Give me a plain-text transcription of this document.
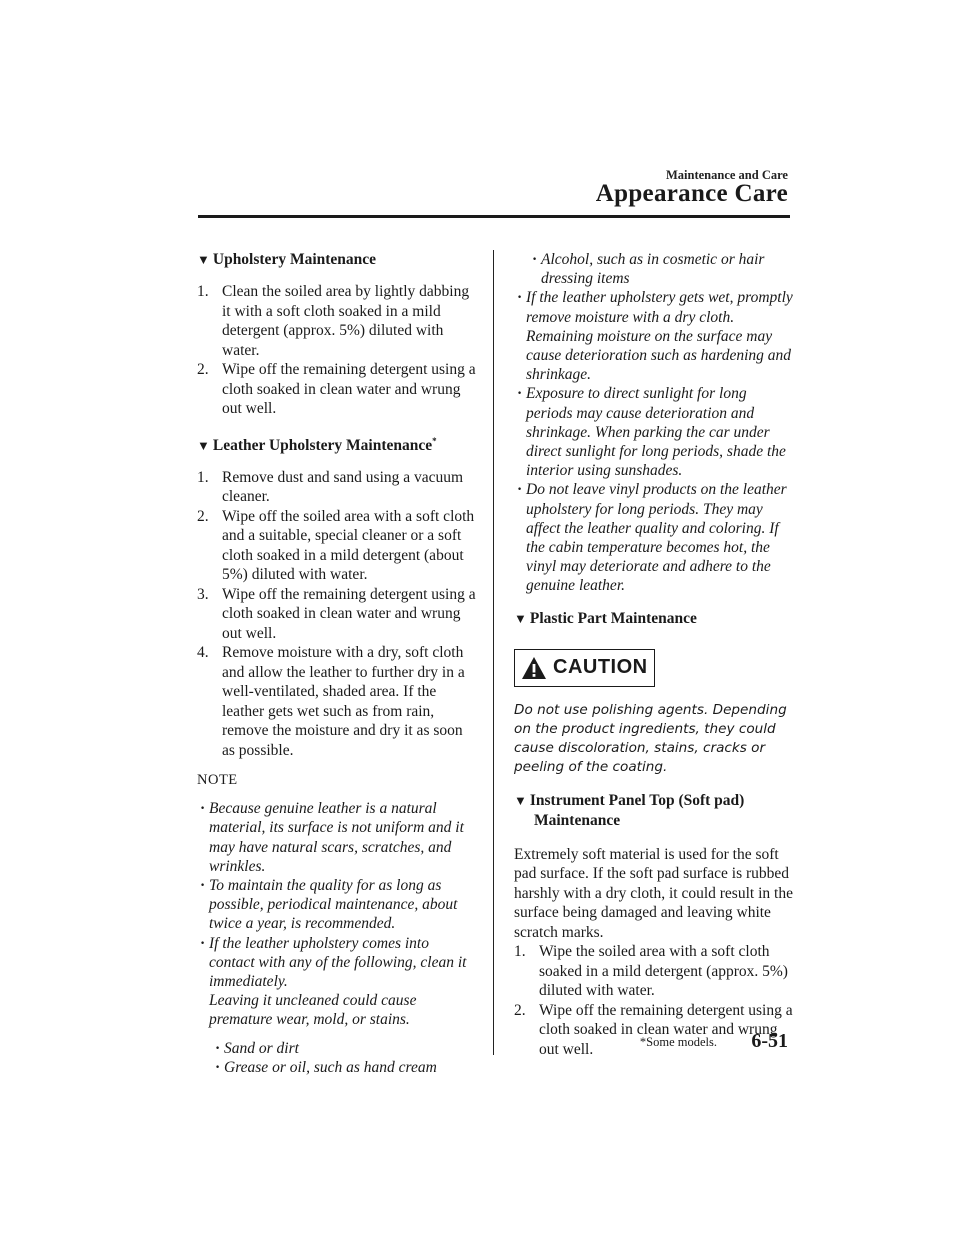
Maintenance and Care
Appearance Care

▼ Upholstery Maintenance

1. Clean the soiled area by lightly dabbing it with a soft cloth soaked in a mild detergent (approx. 5%) diluted with water.
2. Wipe off the remaining detergent using a cloth soaked in clean water and wrung out well.

▼ Leather Upholstery Maintenance*

1. Remove dust and sand using a vacuum cleaner.
2. Wipe off the soiled area with a soft cloth and a suitable, special cleaner or a soft cloth soaked in a mild detergent (about 5%) diluted with water.
3. Wipe off the remaining detergent using a cloth soaked in clean water and wrung out well.
4. Remove moisture with a dry, soft cloth and allow the leather to further dry in a well-ventilated, shaded area. If the leather gets wet such as from rain, remove the moisture and dry it as soon as possible.

NOTE

· Because genuine leather is a natural material, its surface is not uniform and it may have natural scars, scratches, and wrinkles.
· To maintain the quality for as long as possible, periodical maintenance, about twice a year, is recommended.
· If the leather upholstery comes into contact with any of the following, clean it immediately.
Leaving it uncleaned could cause premature wear, mold, or stains.
· Sand or dirt
· Grease or oil, such as hand cream
· Alcohol, such as in cosmetic or hair dressing items
· If the leather upholstery gets wet, promptly remove moisture with a dry cloth. Remaining moisture on the surface may cause deterioration such as hardening and shrinkage.
· Exposure to direct sunlight for long periods may cause deterioration and shrinkage. When parking the car under direct sunlight for long periods, shade the interior using sunshades.
· Do not leave vinyl products on the leather upholstery for long periods. They may affect the leather quality and coloring. If the cabin temperature becomes hot, the vinyl may deteriorate and adhere to the genuine leather.

▼ Plastic Part Maintenance

CAUTION

Do not use polishing agents. Depending on the product ingredients, they could cause discoloration, stains, cracks or peeling of the coating.

▼ Instrument Panel Top (Soft pad) Maintenance

Extremely soft material is used for the soft pad surface. If the soft pad surface is rubbed harshly with a dry cloth, it could result in the surface being damaged and leaving white scratch marks.

1. Wipe the soiled area with a soft cloth soaked in a mild detergent (approx. 5%) diluted with water.
2. Wipe off the remaining detergent using a cloth soaked in clean water and wrung out well.	*Some models. 6-51
